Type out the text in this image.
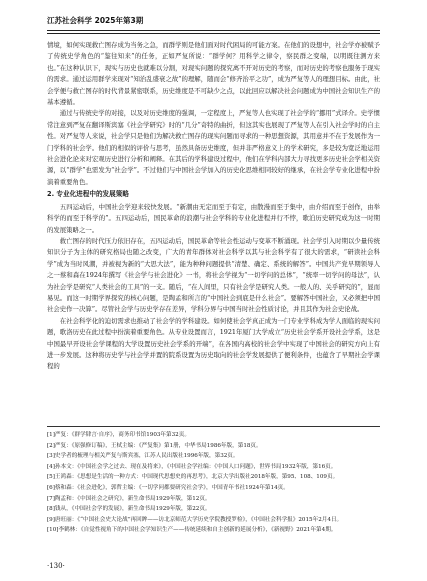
江苏社会科学 2025年第3期

情境，如何实现救亡图存成为当务之急，而群学则是他们面对时代困局的可能方案。在他们的设想中，社会学亦被赋予了传统史学角色的“鉴往知来”的任务，正如严复所说：“群学何？用科学之律令，察民群之变端，以明既往测方来也。”在这种认识下，现实与历史也就难以分割，对现实问题的探究离不开对历史的考察，而对历史的考察也服务于现实的需求。通过运用群学来现对“知治乱盛衰之故”的理解，随而会“修齐治平之功”，成为严复等人的理想目标。由此，社会学便与救亡图存的时代背景紧密联系，历史维度是不可缺少之点，以此回应以解决社会问题成为中国社会知识生产的基本遵循。

通过与传统史学的对接，以及对历史维度的强调，一定程度上，严复等人也实现了社会学的“挪用”式译介。史学惯常注意到严复在翻译斯宾塞《社会学研究》时的“几分”奇特的曲折，但这其实也展现了严复等人在引入社会学时的自主性。对严复等人来说，社会学只是他们为解决救亡图存的现实问题而寻求的一种思想资源，其用意并不在于发展作为一门学科的社会学。他们的相似的评价与思考，虽然具备历史维度，但并非严格意义上的学术研究，多是较为宽泛地运用社会进化论来对宏观历史进行分析和阐释。在其后的学科建设过程中，他们在学科内部大力寻找更多历史社会学相关资源，以“群学”也需发为“社会学”。不过他们与中国社会学加入的历史化思维相同较好的继承，在社会学专业化进程中扮演着重要角色。

2. 专业化进程中的发展策略

五四运动后，中国社会学迎来较快发展。“新潮由无定而至于有定，由散漫而至于集中，由介绍而至于创作，由举科学的而至于科学的”。五四运动后，国民革命的浪潮与社会学科的专业化进程并行不悖，歌泊历史研究成为这一时期的发展策略之一。

救亡图存的时代压力依旧存在，五四运动后，国民革命等社会性运动与变革不断涌现。社会学引入时期以少量传统知识分子为主体的研究格局也随之改变，广大的青年群体对社会科学以其与社会科学有了很大的需求，“研读社会科学”成为当时风潮，并被视为新的“大思大法”，能为种种问题提供“清楚、确定、系统的解答”。中国共产党早期领导人之一蔡和森在1924年撰写《社会学与社会进化》一书，将社会学视为“一切学问的总体”，“统率一切学问的母法”，认为社会学是研究“人类社会的工具”的一支。随后，“在人间里，只有社会学是研究人类。一般人的、关乎研究的”，显而易见。而这一时期学界探究的核心问题，是陶孟和所言的“中国社会到底是什么社会”。要解答中国社会，又必须把中国社会史作一决算”。尽管社会学与历史学存在差异，学科分界与中国当时社会性质讨论，并且其作为社会史论战。

在社会科学化的迫切需求也推动了社会学的学科建设。如何使社会学真正成为一门专业学科成为学人面临的现实问题，歌洛历史在此过程中扮演着重要角色。从专业设置而言，1921年厦门大学成立“历史社会学系开设社会学系，这是中国最早开设社会学课程的大学设置历史社会学系的开端”，在各国内高校的社会学中实现了中国社会的研究方向上有进一步发展。这种将历史学与社会学并置的院系设置为历史取向的社会学发展提供了便利条件，也蕴含了早期社会学课程的

[1]严复：《群学肄言·自序》，商务印书馆1903年第32页。

[2]严复：《原强修订稿》，王栻主编：《严复集》第1册，中华书局1986年版，第18页。

[3]史学者的梳理与相关严复与斯宾塞，江苏人民出版社1996年版，第32页。

[4]孙本文：《中国社会学之过去、现在及将来》，《中国社会学社编：《中国人口问题》，世界书局1932年版，第16页。

[5]王鸿森：《思想是生活的一种方式：中国现代思想史的再思考》，北京大学出版社2018年版，第95、108、109页。

[6]蔡和森：《社会进化》，郭哲主编：《一切学问都要研究社会学》，中国青年书社1924年第14页。

[7]陶孟和：《中国社会之研究》，新生命书局1929年版，第12页。

[8]钱从，《中国社会学的发展》，新生命书局1929年版，第22页。

[9]唐旺丽：《“中国社会史大论战”再回眸——访北京师范大学历史学院教授罗检》，《中国社会科学报》2015年2月4日。

[10]李鹤林：《自觉性视角下的中国社会学知识生产——传统延续和自主创新的延展分析》，《新视野》2021年第4期。

·130·
